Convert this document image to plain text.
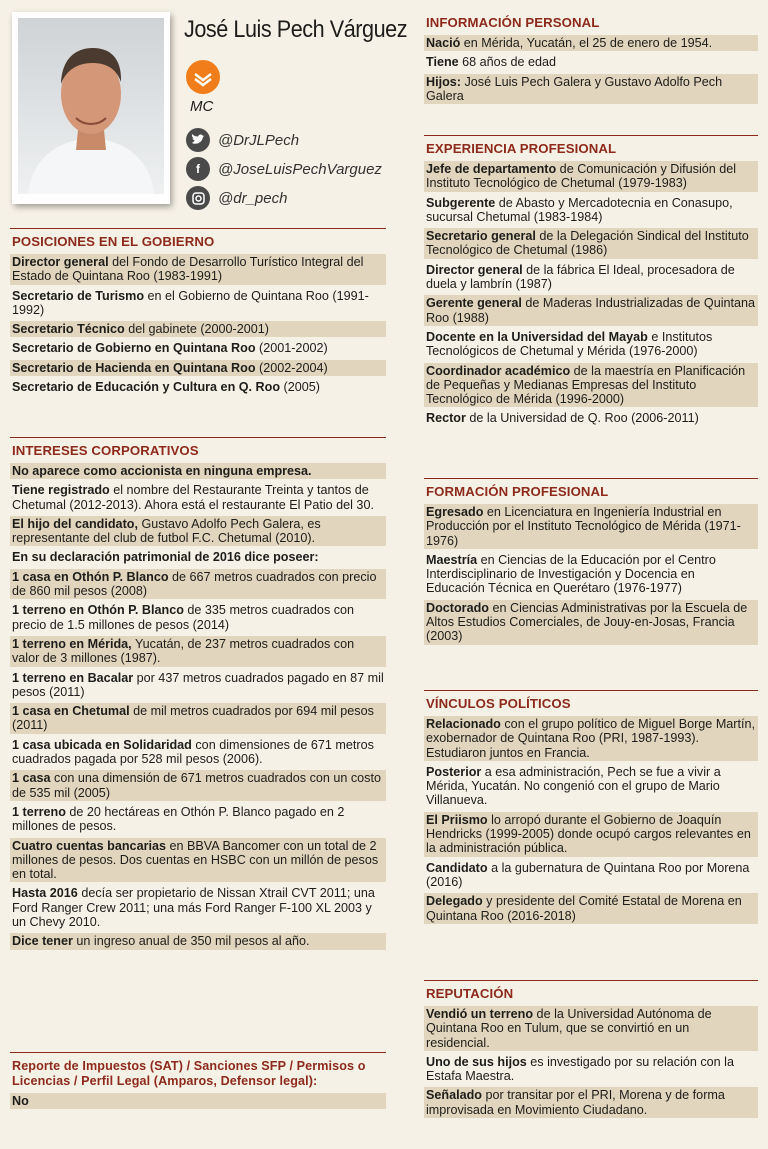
José Luis Pech Várguez
MC
@DrJLPech
f	@JoseLuisPechVarguez
@dr_pech
POSICIONES EN EL GOBIERNO
Director general del Fondo de Desarrollo Turístico Integral del Estado de Quintana Roo (1983-1991)
Secretario de Turismo en el Gobierno de Quintana Roo (1991-1992)
Secretario Técnico del gabinete (2000-2001)
Secretario de Gobierno en Quintana Roo (2001-2002)
Secretario de Hacienda en Quintana Roo (2002-2004)
Secretario de Educación y Cultura en Q. Roo (2005)
INTERESES CORPORATIVOS
No aparece como accionista en ninguna empresa.
Tiene registrado el nombre del Restaurante Treinta y tantos de Chetumal (2012-2013). Ahora está el restaurante El Patio del 30.
El hijo del candidato, Gustavo Adolfo Pech Galera, es representante del club de futbol F.C. Chetumal (2010).
En su declaración patrimonial de 2016 dice poseer:
1 casa en Othón P. Blanco de 667 metros cuadrados con precio de 860 mil pesos (2008)
1 terreno en Othón P. Blanco de 335 metros cuadrados con precio de 1.5 millones de pesos (2014)
1 terreno en Mérida, Yucatán, de 237 metros cuadrados con valor de 3 millones (1987).
1 terreno en Bacalar por 437 metros cuadrados pagado en 87 mil pesos (2011)
1 casa en Chetumal de mil metros cuadrados por 694 mil pesos (2011)
1 casa ubicada en Solidaridad con dimensiones de 671 metros cuadrados pagada por 528 mil pesos (2006).
1 casa con una dimensión de 671 metros cuadrados con un costo de 535 mil (2005)
1 terreno de 20 hectáreas en Othón P. Blanco pagado en 2 millones de pesos.
Cuatro cuentas bancarias en BBVA Bancomer con un total de 2 millones de pesos. Dos cuentas en HSBC con un millón de pesos en total.
Hasta 2016 decía ser propietario de Nissan Xtrail CVT 2011; una Ford Ranger Crew 2011; una más Ford Ranger F-100 XL 2003 y un Chevy 2010.
Dice tener un ingreso anual de 350 mil pesos al año.
Reporte de Impuestos (SAT) / Sanciones SFP / Permisos o Licencias / Perfil Legal (Amparos, Defensor legal):
No
INFORMACIÓN PERSONAL
Nació en Mérida, Yucatán, el 25 de enero de 1954.
Tiene 68 años de edad
Hijos: José Luis Pech Galera y Gustavo Adolfo Pech Galera
EXPERIENCIA PROFESIONAL
Jefe de departamento de Comunicación y Difusión del Instituto Tecnológico de Chetumal (1979-1983)
Subgerente de Abasto y Mercadotecnia en Conasupo, sucursal Chetumal (1983-1984)
Secretario general de la Delegación Sindical del Instituto Tecnológico de Chetumal (1986)
Director general de la fábrica El Ideal, procesadora de duela y lambrín (1987)
Gerente general de Maderas Industrializadas de Quintana Roo (1988)
Docente en la Universidad del Mayab e Institutos Tecnológicos de Chetumal y Mérida (1976-2000)
Coordinador académico de la maestría en Planificación de Pequeñas y Medianas Empresas del Instituto Tecnológico de Mérida (1996-2000)
Rector de la Universidad de Q. Roo (2006-2011)
FORMACIÓN PROFESIONAL
Egresado en Licenciatura en Ingeniería Industrial en Producción por el Instituto Tecnológico de Mérida (1971-1976)
Maestría en Ciencias de la Educación por el Centro Interdisciplinario de Investigación y Docencia en Educación Técnica en Querétaro (1976-1977)
Doctorado en Ciencias Administrativas por la Escuela de Altos Estudios Comerciales, de Jouy-en-Josas, Francia (2003)
VÍNCULOS POLÍTICOS
Relacionado con el grupo político de Miguel Borge Martín, exobernador de Quintana Roo (PRI, 1987-1993). Estudiaron juntos en Francia.
Posterior a esa administración, Pech se fue a vivir a Mérida, Yucatán. No congenió con el grupo de Mario Villanueva.
El Priismo lo arropó durante el Gobierno de Joaquín Hendricks (1999-2005) donde ocupó cargos relevantes en la administración pública.
Candidato a la gubernatura de Quintana Roo por Morena (2016)
Delegado y presidente del Comité Estatal de Morena en Quintana Roo (2016-2018)
REPUTACIÓN
Vendió un terreno de la Universidad Autónoma de Quintana Roo en Tulum, que se convirtió en un residencial.
Uno de sus hijos es investigado por su relación con la Estafa Maestra.
Señalado por transitar por el PRI, Morena y de forma improvisada en Movimiento Ciudadano.
